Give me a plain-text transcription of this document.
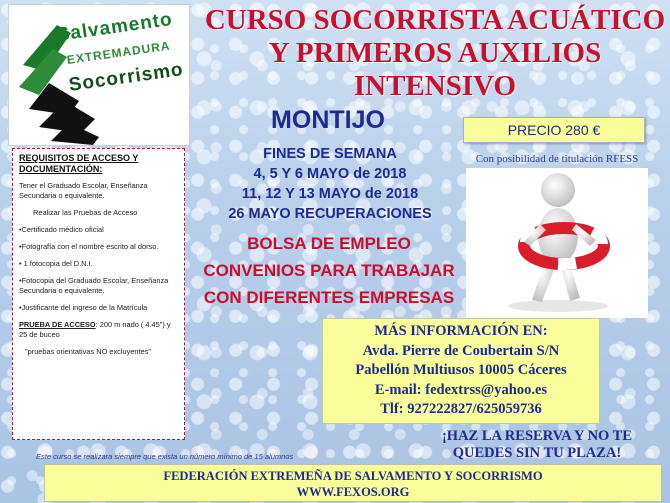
Salvamento
EXTREMADURA
Socorrismo
CURSO SOCORRISTA ACUÁTICO
Y PRIMEROS AUXILIOS
INTENSIVO
MONTIJO
FINES DE SEMANA
4, 5 Y 6 MAYO de 2018
11, 12 Y 13 MAYO de 2018
26 MAYO RECUPERACIONES
BOLSA DE EMPLEO
CONVENIOS PARA TRABAJAR
CON DIFERENTES EMPRESAS
PRECIO 280 €
Con posibilidad de titulación RFESS
REQUISITOS DE ACCESO Y DOCUMENTACIÓN:

Tener el Graduado Escolar, Enseñanza Secundaria o equivalente.

Realizar las Pruebas de Acceso

•Certificado médico oficial

•Fotografía con el nombre escrito al dorso.

• 1 fotocopia del D.N.I.

•Fotocopia del Graduado Escolar, Enseñanza Secundaria o equivalente.

•Justificante del ingreso de la Matrícula

PRUEBA DE ACCESO: 200 m nado ( 4.45") y 25 de buceo

"pruebas orientativas NO excluyentes"

Este curso se realizara siempre que exista un número mínimo de 15 alumnos
MÁS INFORMACIÓN EN:
Avda. Pierre de Coubertain S/N
Pabellón Multiusos 10005 Cáceres
E-mail: fedextrss@yahoo.es
Tlf: 927222827/625059736
¡HAZ LA RESERVA Y NO TE
QUEDES SIN TU PLAZA!
FEDERACIÓN EXTREMEÑA DE SALVAMENTO Y SOCORRISMO
WWW.FEXOS.ORG
